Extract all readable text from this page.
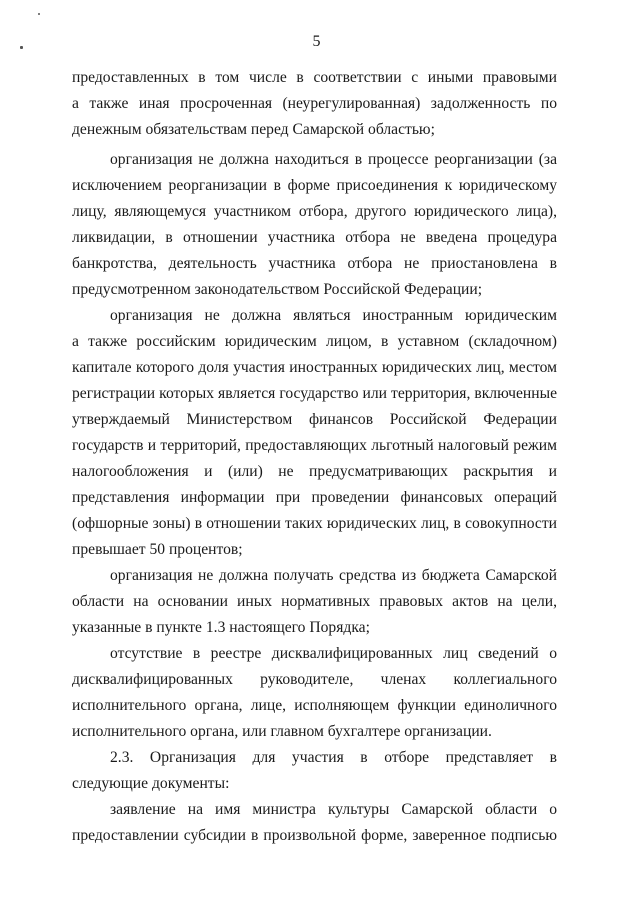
5
предоставленных в том числе в соответствии с иными правовыми
а также иная просроченная (неурегулированная) задолженность по
денежным обязательствам перед Самарской областью;
организация не должна находиться в процессе реорганизации (за
исключением реорганизации в форме присоединения к юридическому
лицу, являющемуся участником отбора, другого юридического лица),
ликвидации, в отношении участника отбора не введена процедура
банкротства, деятельность участника отбора не приостановлена в
предусмотренном законодательством Российской Федерации;
организация не должна являться иностранным юридическим
а также российским юридическим лицом, в уставном (складочном)
капитале которого доля участия иностранных юридических лиц, местом
регистрации которых является государство или территория, включенные
утверждаемый Министерством финансов Российской Федерации
государств и территорий, предоставляющих льготный налоговый режим
налогообложения и (или) не предусматривающих раскрытия и
представления информации при проведении финансовых операций
(офшорные зоны) в отношении таких юридических лиц, в совокупности
превышает 50 процентов;
организация не должна получать средства из бюджета Самарской
области на основании иных нормативных правовых актов на цели,
указанные в пункте 1.3 настоящего Порядка;
отсутствие в реестре дисквалифицированных лиц сведений о
дисквалифицированных руководителе, членах коллегиального
исполнительного органа, лице, исполняющем функции единоличного
исполнительного органа, или главном бухгалтере организации.
2.3. Организация для участия в отборе представляет в
следующие документы:
заявление на имя министра культуры Самарской области о
предоставлении субсидии в произвольной форме, заверенное подписью
